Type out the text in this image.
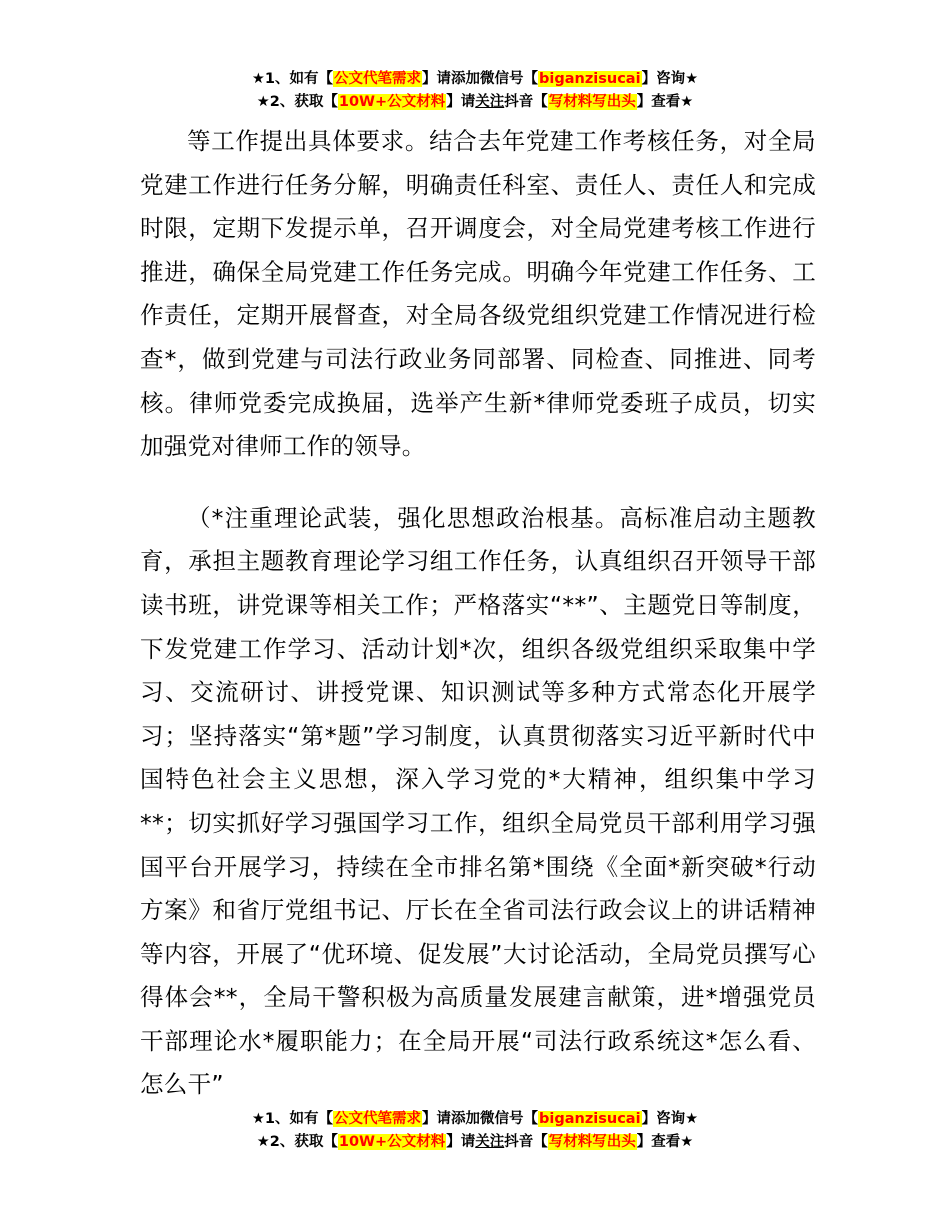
★1、如有【公文代笔需求】请添加微信号【biganzisucai】咨询★
★2、获取【10W+公文材料】请关注抖音【写材料写出头】查看★

等工作提出具体要求。结合去年党建工作考核任务，对全局党建工作进行任务分解，明确责任科室、责任人、责任人和完成时限，定期下发提示单，召开调度会，对全局党建考核工作进行推进，确保全局党建工作任务完成。明确今年党建工作任务、工作责任，定期开展督查，对全局各级党组织党建工作情况进行检查*，做到党建与司法行政业务同部署、同检查、同推进、同考核。律师党委完成换届，选举产生新*律师党委班子成员，切实加强党对律师工作的领导。

（*注重理论武装，强化思想政治根基。高标准启动主题教育，承担主题教育理论学习组工作任务，认真组织召开领导干部读书班，讲党课等相关工作；严格落实“**”、主题党日等制度，下发党建工作学习、活动计划*次，组织各级党组织采取集中学习、交流研讨、讲授党课、知识测试等多种方式常态化开展学习；坚持落实“第*题”学习制度，认真贯彻落实习近平新时代中国特色社会主义思想，深入学习党的*大精神，组织集中学习**；切实抓好学习强国学习工作，组织全局党员干部利用学习强国平台开展学习，持续在全市排名第*围绕《全面*新突破*行动方案》和省厅党组书记、厅长在全省司法行政会议上的讲话精神等内容，开展了“优环境、促发展”大讨论活动，全局党员撰写心得体会**，全局干警积极为高质量发展建言献策，进*增强党员干部理论水*履职能力；在全局开展“司法行政系统这*怎么看、怎么干”

★1、如有【公文代笔需求】请添加微信号【biganzisucai】咨询★
★2、获取【10W+公文材料】请关注抖音【写材料写出头】查看★
